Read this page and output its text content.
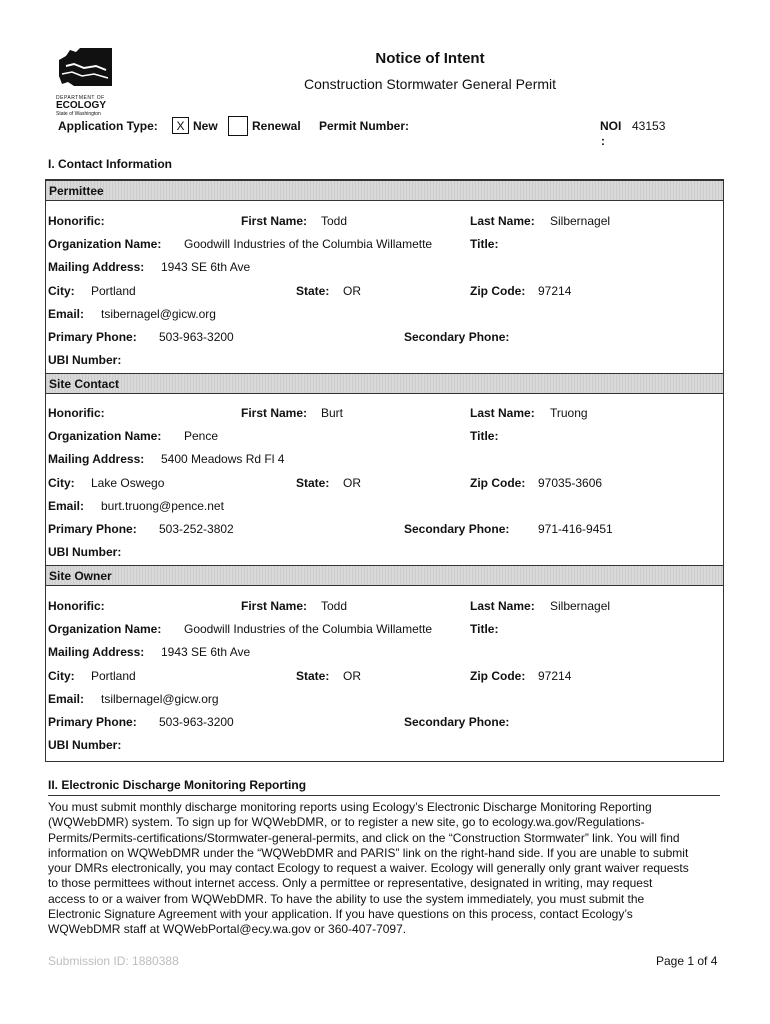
DEPARTMENT OF
ECOLOGY
State of Washington
Notice of Intent
Construction Stormwater General Permit
Application Type: X New	Renewal Permit Number:	NOI
:
43153
I. Contact Information
Permittee
Honorific:	First Name: Todd	Last Name: Silbernagel
Organization Name: Goodwill Industries of the Columbia Willamette	Title:
Mailing Address: 1943 SE 6th Ave
City: Portland	State: OR	Zip Code: 97214
Email: tsibernagel@gicw.org
Primary Phone: 503-963-3200	Secondary Phone:
UBI Number:
Site Contact
Honorific:	First Name: Burt	Last Name: Truong
Organization Name: Pence	Title:
Mailing Address: 5400 Meadows Rd Fl 4
City: Lake Oswego	State: OR	Zip Code: 97035-3606
Email: burt.truong@pence.net
Primary Phone: 503-252-3802	Secondary Phone: 971-416-9451
UBI Number:
Site Owner
Honorific:	First Name: Todd	Last Name: Silbernagel
Organization Name: Goodwill Industries of the Columbia Willamette	Title:
Mailing Address: 1943 SE 6th Ave
City: Portland	State: OR	Zip Code: 97214
Email: tsilbernagel@gicw.org
Primary Phone: 503-963-3200	Secondary Phone:
UBI Number:
II. Electronic Discharge Monitoring Reporting
You must submit monthly discharge monitoring reports using Ecology’s Electronic Discharge Monitoring Reporting
(WQWebDMR) system. To sign up for WQWebDMR, or to register a new site, go to ecology.wa.gov/Regulations-
Permits/Permits-certifications/Stormwater-general-permits, and click on the “Construction Stormwater” link. You will find
information on WQWebDMR under the “WQWebDMR and PARIS” link on the right-hand side. If you are unable to submit
your DMRs electronically, you may contact Ecology to request a waiver. Ecology will generally only grant waiver requests
to those permittees without internet access. Only a permittee or representative, designated in writing, may request
access to or a waiver from WQWebDMR. To have the ability to use the system immediately, you must submit the
Electronic Signature Agreement with your application. If you have questions on this process, contact Ecology’s
WQWebDMR staff at WQWebPortal@ecy.wa.gov or 360-407-7097.
Submission ID: 1880388	Page 1 of 4
